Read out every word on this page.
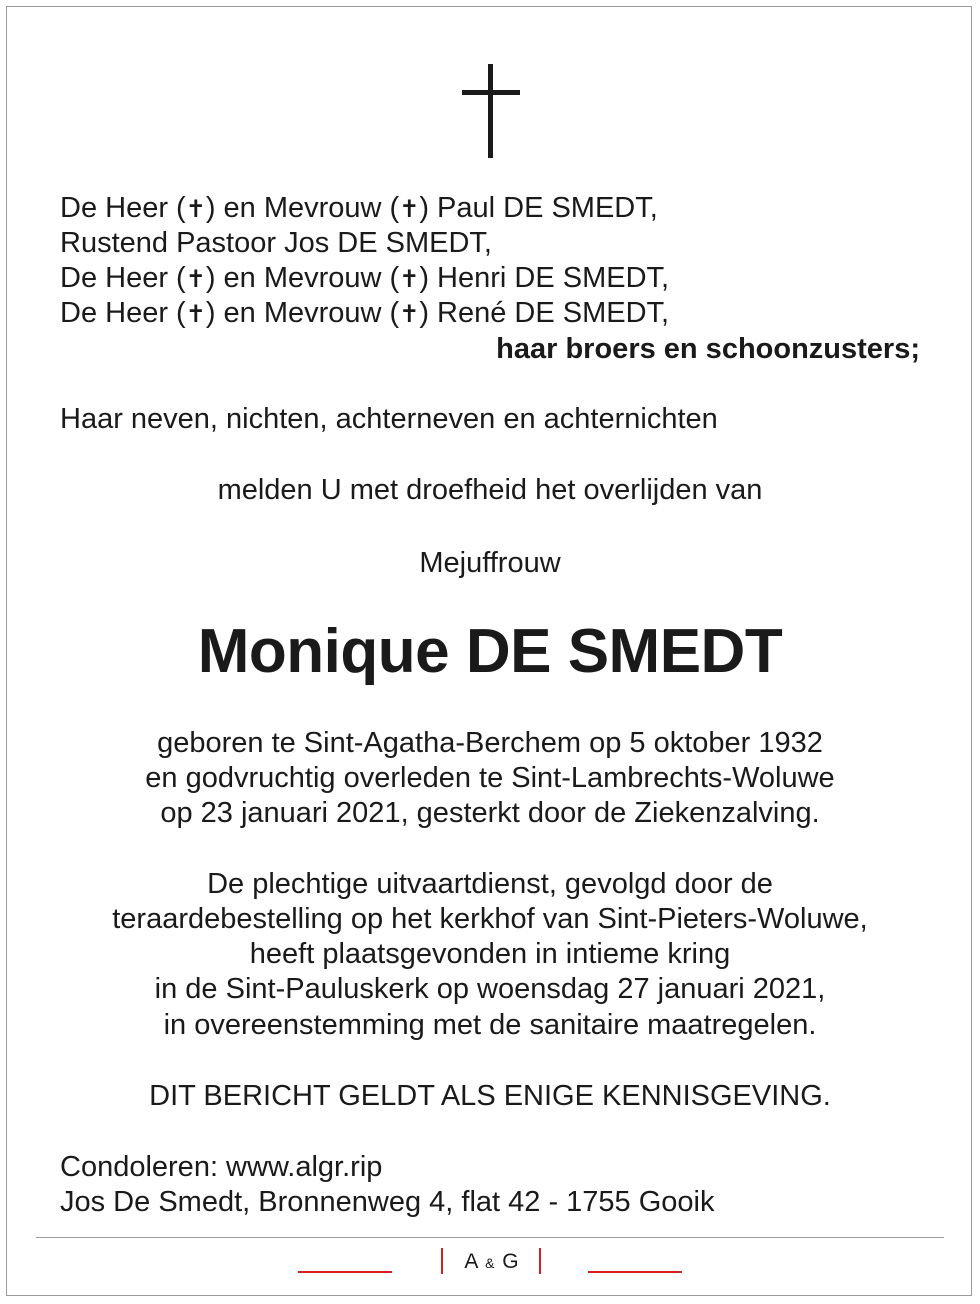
De Heer (✝) en Mevrouw (✝) Paul DE SMEDT,
Rustend Pastoor Jos DE SMEDT,
De Heer (✝) en Mevrouw (✝) Henri DE SMEDT,
De Heer (✝) en Mevrouw (✝) René DE SMEDT,
haar broers en schoonzusters;
Haar neven, nichten, achterneven en achternichten
melden U met droefheid het overlijden van
Mejuffrouw
Monique DE SMEDT
geboren te Sint-Agatha-Berchem op 5 oktober 1932
en godvruchtig overleden te Sint-Lambrechts-Woluwe
op 23 januari 2021, gesterkt door de Ziekenzalving.
De plechtige uitvaartdienst, gevolgd door de
teraardebestelling op het kerkhof van Sint-Pieters-Woluwe,
heeft plaatsgevonden in intieme kring
in de Sint-Pauluskerk op woensdag 27 januari 2021,
in overeenstemming met de sanitaire maatregelen.
DIT BERICHT GELDT ALS ENIGE KENNISGEVING.
Condoleren: www.algr.rip
Jos De Smedt, Bronnenweg 4, flat 42 - 1755 Gooik
A & G
